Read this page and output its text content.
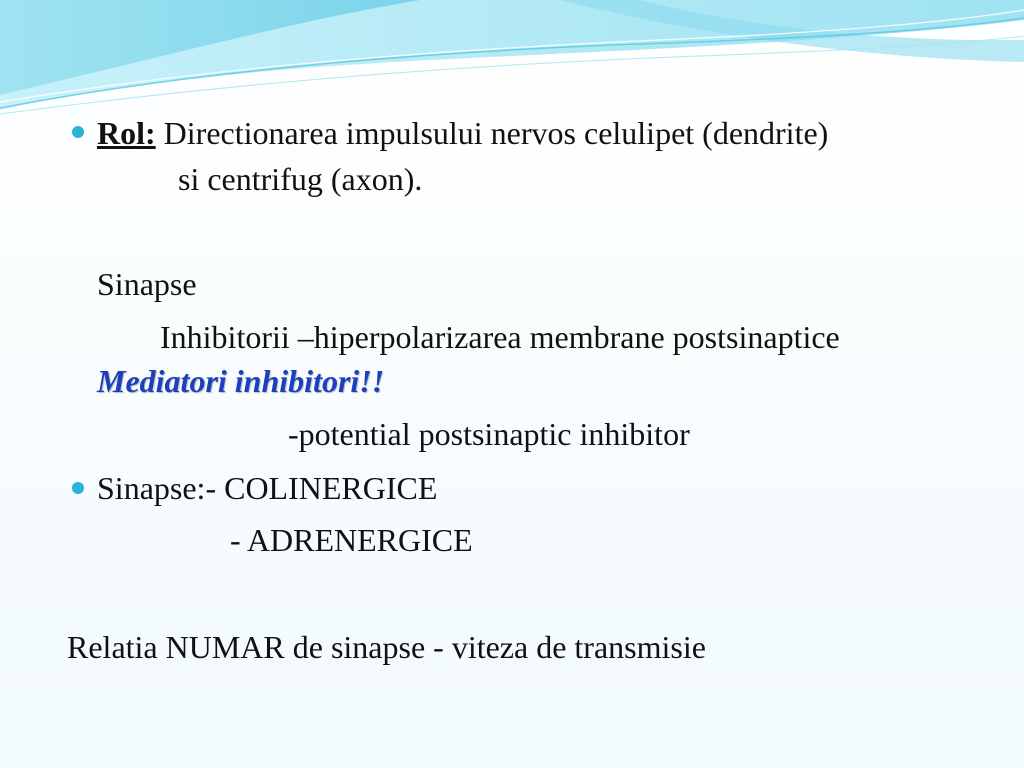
Rol: Directionarea impulsului nervos celulipet (dendrite)
si centrifug (axon).
Sinapse
Inhibitorii –hiperpolarizarea membrane postsinaptice
Mediatori inhibitori!!
-potential postsinaptic inhibitor
Sinapse:- COLINERGICE
- ADRENERGICE
Relatia NUMAR de sinapse - viteza de transmisie
